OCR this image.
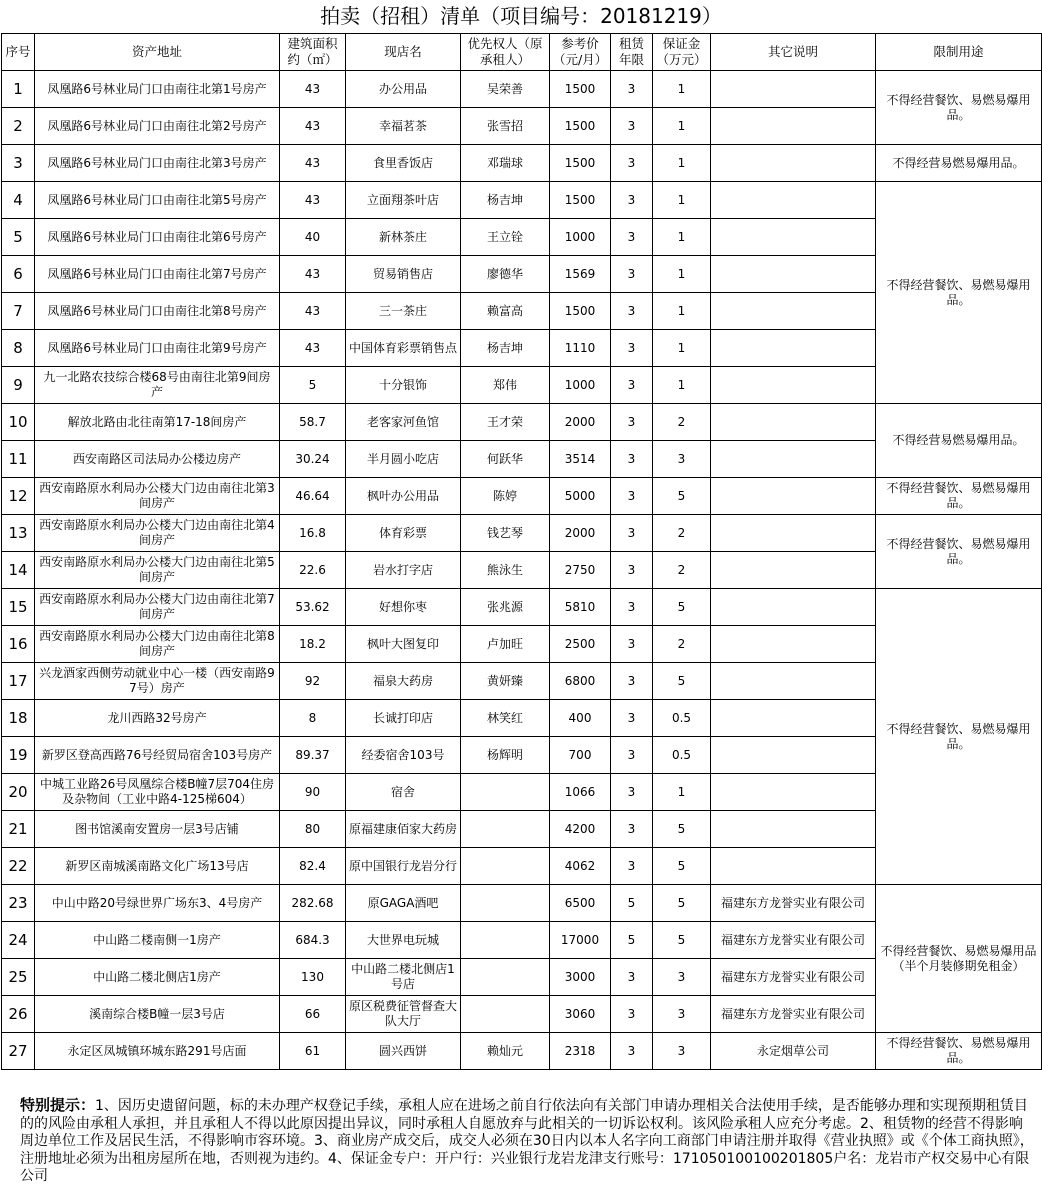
拍卖（招租）清单（项目编号：20181219）
序号	资产地址	建筑面积约（㎡）	现店名	优先权人（原承租人）	参考价（元/月）	租赁年限	保证金（万元）	其它说明	限制用途
1	凤凰路6号林业局门口由南往北第1号房产	43	办公用品	吴荣善	1500	3	1		不得经营餐饮、易燃易爆用品。
2	凤凰路6号林业局门口由南往北第2号房产	43	幸福茗茶	张雪招	1500	3	1		
3	凤凰路6号林业局门口由南往北第3号房产	43	食里香饭店	邓瑞球	1500	3	1		不得经营易燃易爆用品。
4	凤凰路6号林业局门口由南往北第5号房产	43	立面翔茶叶店	杨吉坤	1500	3	1		不得经营餐饮、易燃易爆用品。
5	凤凰路6号林业局门口由南往北第6号房产	40	新林茶庄	王立铨	1000	3	1		
6	凤凰路6号林业局门口由南往北第7号房产	43	贸易销售店	廖德华	1569	3	1		
7	凤凰路6号林业局门口由南往北第8号房产	43	三一茶庄	赖富高	1500	3	1		
8	凤凰路6号林业局门口由南往北第9号房产	43	中国体育彩票销售点	杨吉坤	1110	3	1		
9	九一北路农技综合楼68号由南往北第9间房产	5	十分银饰	郑伟	1000	3	1		
10	解放北路由北往南第17-18间房产	58.7	老客家河鱼馆	王才荣	2000	3	2		不得经营易燃易爆用品。
11	西安南路区司法局办公楼边房产	30.24	半月圆小吃店	何跃华	3514	3	3		
12	西安南路原水利局办公楼大门边由南往北第3间房产	46.64	枫叶办公用品	陈婷	5000	3	5		不得经营餐饮、易燃易爆用品。
13	西安南路原水利局办公楼大门边由南往北第4间房产	16.8	体育彩票	钱艺琴	2000	3	2		不得经营餐饮、易燃易爆用品。
14	西安南路原水利局办公楼大门边由南往北第5间房产	22.6	岩水打字店	熊泳生	2750	3	2		
15	西安南路原水利局办公楼大门边由南往北第7间房产	53.62	好想你枣	张兆源	5810	3	5		不得经营餐饮、易燃易爆用品。
16	西安南路原水利局办公楼大门边由南往北第8间房产	18.2	枫叶大图复印	卢加旺	2500	3	2		
17	兴龙酒家西侧劳动就业中心一楼（西安南路97号）房产	92	福泉大药房	黄妍臻	6800	3	5		
18	龙川西路32号房产	8	长诚打印店	林笑红	400	3	0.5		
19	新罗区登高西路76号经贸局宿舍103号房产	89.37	经委宿舍103号	杨辉明	700	3	0.5		
20	中城工业路26号凤凰综合楼B幢7层704住房及杂物间（工业中路4-125梯604）	90	宿舍		1066	3	1		
21	图书馆溪南安置房一层3号店铺	80	原福建康佰家大药房		4200	3	5		
22	新罗区南城溪南路文化广场13号店	82.4	原中国银行龙岩分行		4062	3	5		
23	中山中路20号绿世界广场东3、4号房产	282.68	原GAGA酒吧		6500	5	5	福建东方龙誉实业有限公司	不得经营餐饮、易燃易爆用品（半个月装修期免租金）
24	中山路二楼南侧一1房产	684.3	大世界电玩城		17000	5	5	福建东方龙誉实业有限公司	
25	中山路二楼北侧店1房产	130	中山路二楼北侧店1号店		3000	3	3	福建东方龙誉实业有限公司	
26	溪南综合楼B幢一层3号店	66	原区税费征管督查大队大厅		3060	3	3	福建东方龙誉实业有限公司	
27	永定区凤城镇环城东路291号店面	61	圆兴西饼	赖灿元	2318	3	3	永定烟草公司	不得经营餐饮、易燃易爆用品。
特别提示：1、因历史遗留问题，标的未办理产权登记手续，承租人应在进场之前自行依法向有关部门申请办理相关合法使用手续，是否能够办理和实现预期租赁目的的风险由承租人承担，并且承租人不得以此原因提出异议，同时承租人自愿放弃与此相关的一切诉讼权利。该风险承租人应充分考虑。2、租赁物的经营不得影响周边单位工作及居民生活，不得影响市容环境。3、商业房产成交后，成交人必须在30日内以本人名字向工商部门申请注册并取得《营业执照》或《个体工商执照》，注册地址必须为出租房屋所在地，否则视为违约。4、保证金专户：开户行：兴业银行龙岩龙津支行账号：171050100100201805户名：龙岩市产权交易中心有限公司
